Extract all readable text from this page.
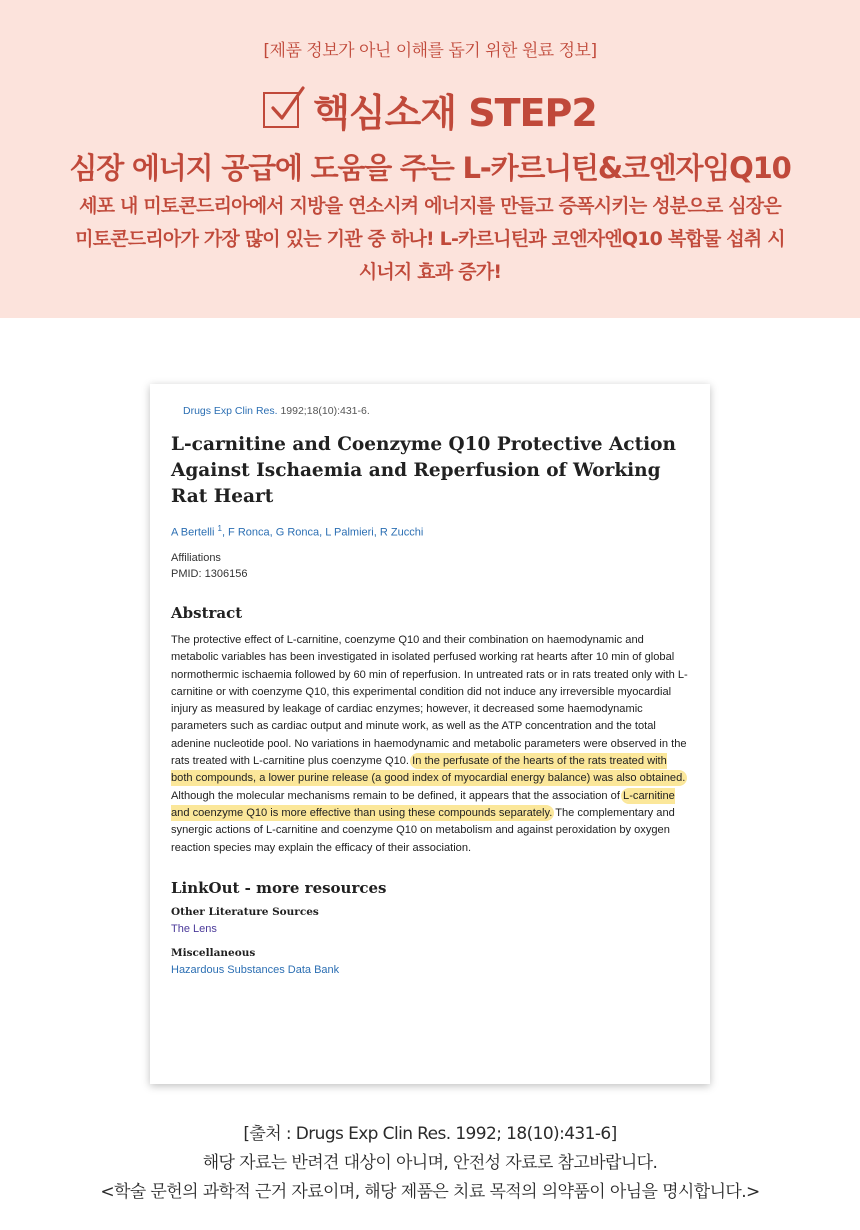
[제품 정보가 아닌 이해를 돕기 위한 원료 정보]
핵심소재 STEP2
심장 에너지 공급에 도움을 주는 L-카르니틴&코엔자임Q10
세포 내 미토콘드리아에서 지방을 연소시켜 에너지를 만들고 증폭시키는 성분으로 심장은
미토콘드리아가 가장 많이 있는 기관 중 하나! L-카르니틴과 코엔자엔Q10 복합물 섭취 시
시너지 효과 증가!
Drugs Exp Clin Res. 1992;18(10):431-6.
L-carnitine and Coenzyme Q10 Protective Action Against Ischaemia and Reperfusion of Working Rat Heart
A Bertelli $^1$, F Ronca, G Ronca, L Palmieri, R Zucchi
Affiliations
PMID: 1306156
Abstract
The protective effect of L-carnitine, coenzyme Q10 and their combination on haemodynamic and metabolic variables has been investigated in isolated perfused working rat hearts after 10 min of global normothermic ischaemia followed by 60 min of reperfusion. In untreated rats or in rats treated only with L-carnitine or with coenzyme Q10, this experimental condition did not induce any irreversible myocardial injury as measured by leakage of cardiac enzymes; however, it decreased some haemodynamic parameters such as cardiac output and minute work, as well as the ATP concentration and the total adenine nucleotide pool. No variations in haemodynamic and metabolic parameters were observed in the rats treated with L-carnitine plus coenzyme Q10. In the perfusate of the hearts of the rats treated with both compounds, a lower purine release (a good index of myocardial energy balance) was also obtained. Although the molecular mechanisms remain to be defined, it appears that the association of L-carnitine and coenzyme Q10 is more effective than using these compounds separately. The complementary and synergic actions of L-carnitine and coenzyme Q10 on metabolism and against peroxidation by oxygen reaction species may explain the efficacy of their association.
LinkOut - more resources
Other Literature Sources
The Lens
Miscellaneous
Hazardous Substances Data Bank
[출처 : Drugs Exp Clin Res. 1992; 18(10):431-6]
해당 자료는 반려견 대상이 아니며, 안전성 자료로 참고바랍니다.
<학술 문헌의 과학적 근거 자료이며, 해당 제품은 치료 목적의 의약품이 아님을 명시합니다.>
